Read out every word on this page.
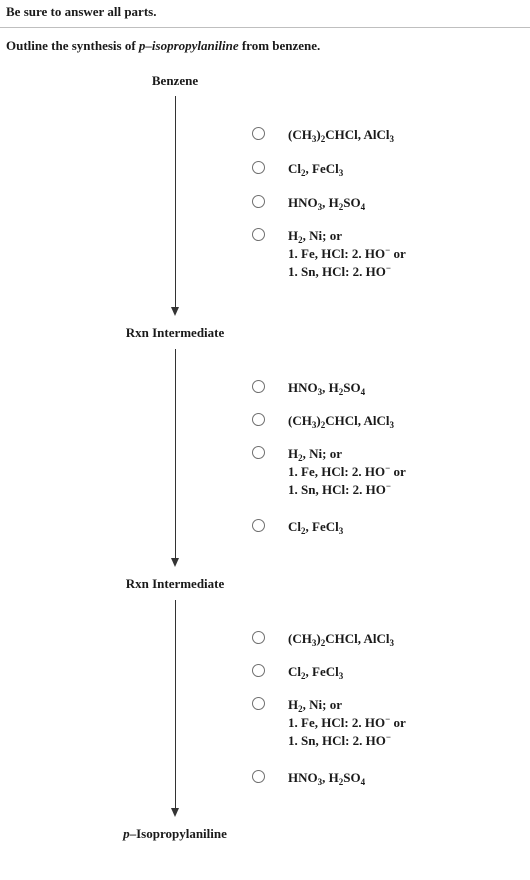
Be sure to answer all parts.
Outline the synthesis of p–isopropylaniline from benzene.
Benzene
Rxn Intermediate
Rxn Intermediate
p–Isopropylaniline
$(CH_3)_2CHCl$, AlCl$_3$
$Cl_2$, FeCl$_3$
$HNO_3$, $H_2SO_4$
$H_2$, Ni; or
1. Fe, HCl: 2. HO− or
1. Sn, HCl: 2. HO−
$HNO_3$, $H_2SO_4$
$(CH_3)_2CHCl$, AlCl$_3$
$H_2$, Ni; or
1. Fe, HCl: 2. HO− or
1. Sn, HCl: 2. HO−
$Cl_2$, FeCl$_3$
$(CH_3)_2CHCl$, AlCl$_3$
$Cl_2$, FeCl$_3$
$H_2$, Ni; or
1. Fe, HCl: 2. HO− or
1. Sn, HCl: 2. HO−
$HNO_3$, $H_2SO_4$
